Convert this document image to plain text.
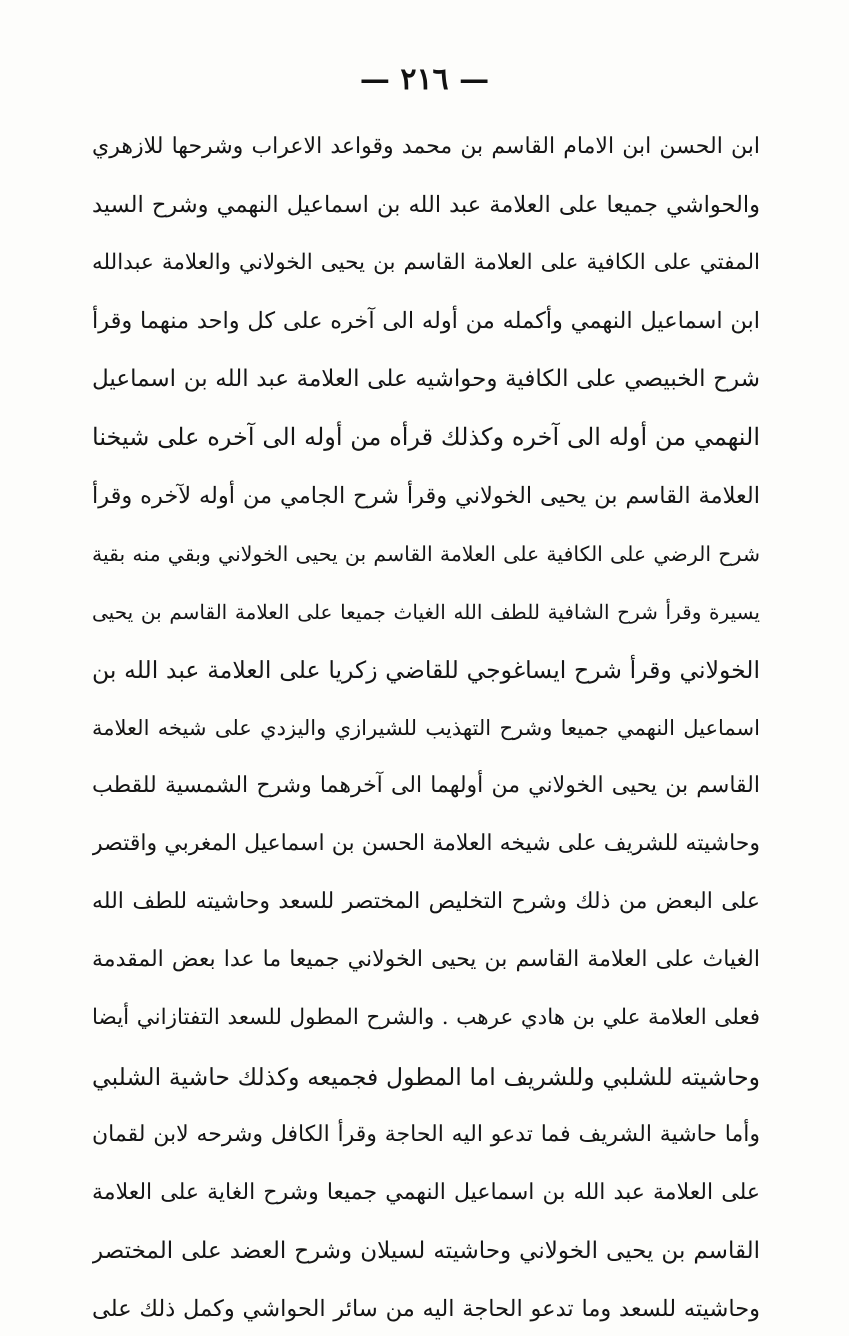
— ٢١٦ —
ابن الحسن ابن الامام القاسم بن محمد وقواعد الاعراب وشرحها للازهري
والحواشي جميعا على العلامة عبد الله بن اسماعيل النهمي وشرح السيد
المفتي على الكافية على العلامة القاسم بن يحيى الخولاني والعلامة عبدالله
ابن اسماعيل النهمي وأكمله من أوله الى آخره على كل واحد منهما وقرأ
شرح الخبيصي على الكافية وحواشيه على العلامة عبد الله بن اسماعيل
النهمي من أوله الى آخره وكذلك قرأه من أوله الى آخره على شيخنا
العلامة القاسم بن يحيى الخولاني وقرأ شرح الجامي من أوله لآخره وقرأ
شرح الرضي على الكافية على العلامة القاسم بن يحيى الخولاني وبقي منه بقية
يسيرة وقرأ شرح الشافية للطف الله الغياث جميعا على العلامة القاسم بن يحيى
الخولاني وقرأ شرح ايساغوجي للقاضي زكريا على العلامة عبد الله بن
اسماعيل النهمي جميعا وشرح التهذيب للشيرازي واليزدي على شيخه العلامة
القاسم بن يحيى الخولاني من أولهما الى آخرهما وشرح الشمسية للقطب
وحاشيته للشريف على شيخه العلامة الحسن بن اسماعيل المغربي واقتصر
على البعض من ذلك وشرح التخليص المختصر للسعد وحاشيته للطف الله
الغياث على العلامة القاسم بن يحيى الخولاني جميعا ما عدا بعض المقدمة
فعلى العلامة علي بن هادي عرهب . والشرح المطول للسعد التفتازاني أيضا
وحاشيته للشلبي وللشريف اما المطول فجميعه وكذلك حاشية الشلبي
وأما حاشية الشريف فما تدعو اليه الحاجة وقرأ الكافل وشرحه لابن لقمان
على العلامة عبد الله بن اسماعيل النهمي جميعا وشرح الغاية على العلامة
القاسم بن يحيى الخولاني وحاشيته لسيلان وشرح العضد على المختصر
وحاشيته للسعد وما تدعو الحاجة اليه من سائر الحواشي وكمل ذلك على
